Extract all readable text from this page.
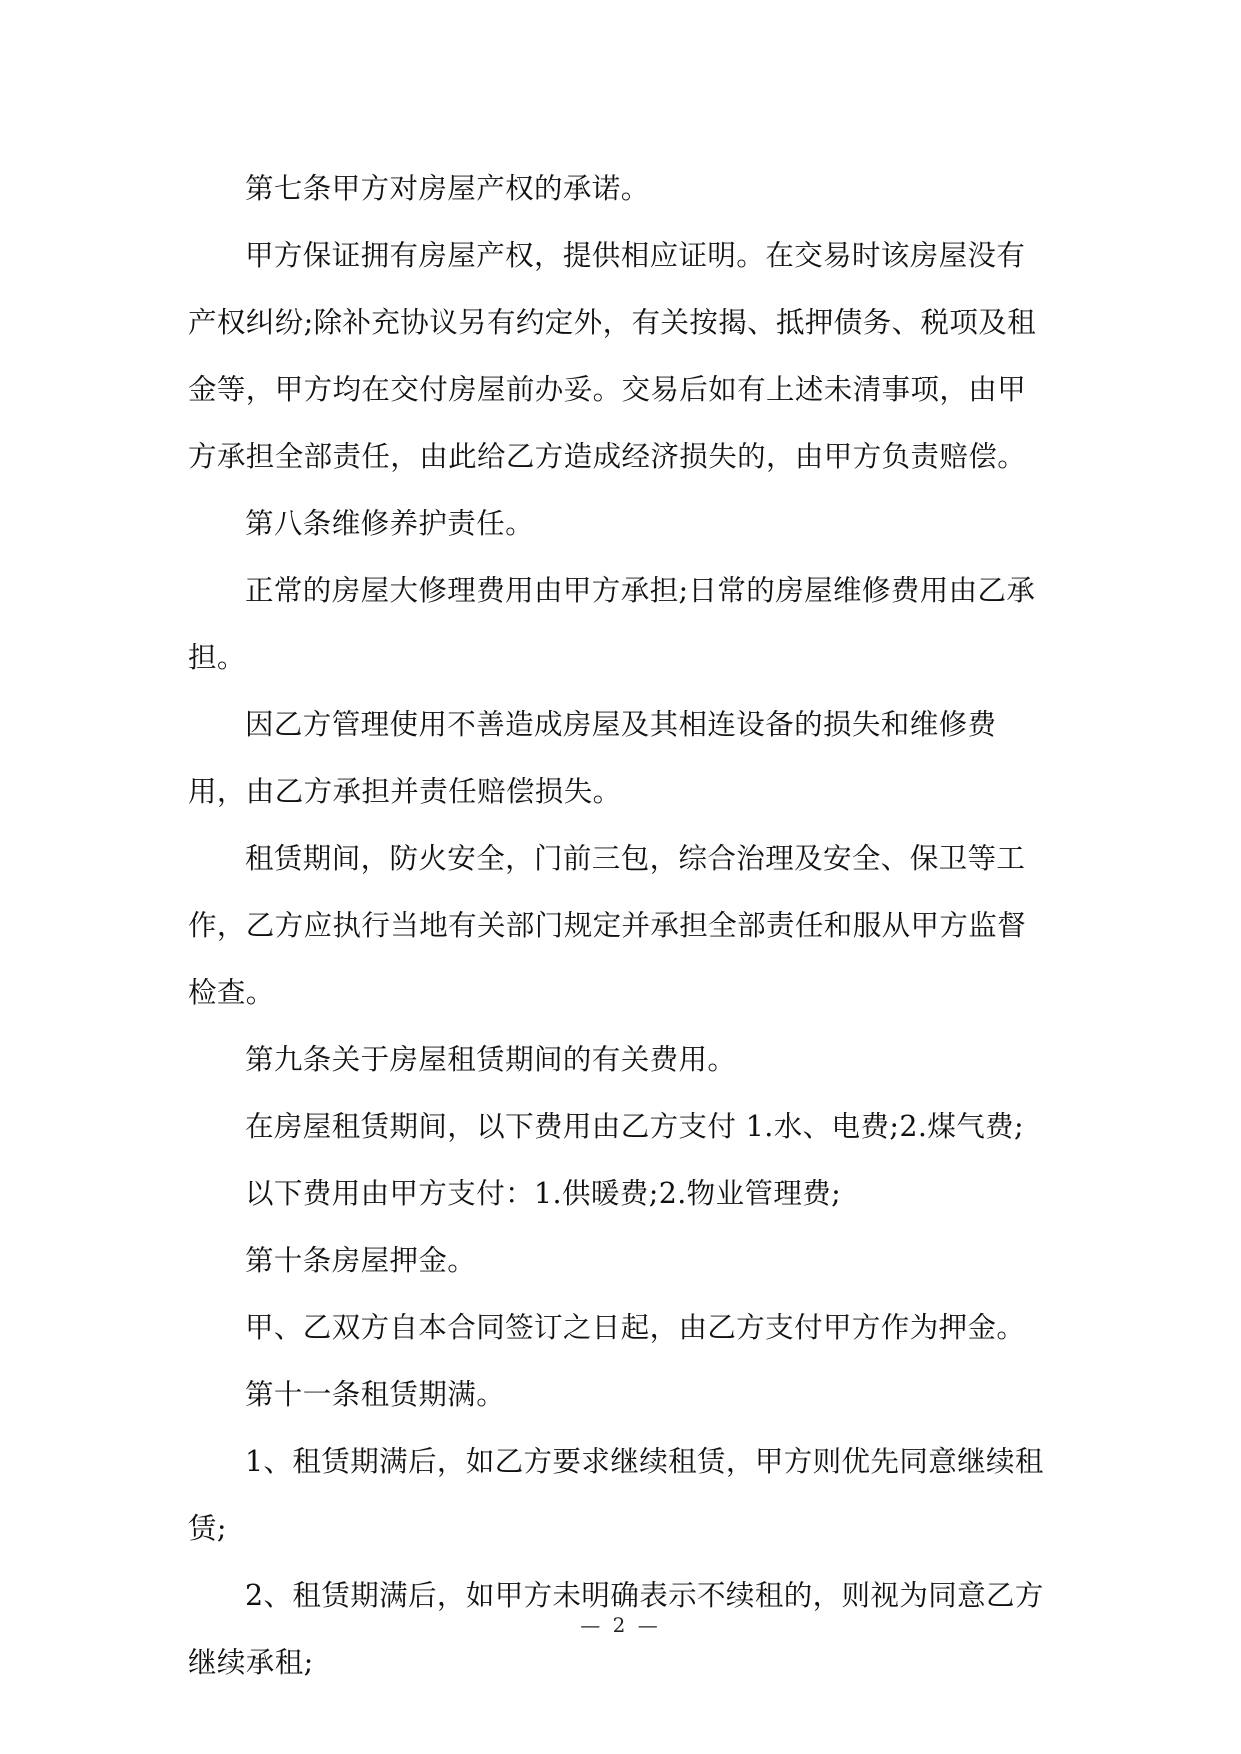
第七条甲方对房屋产权的承诺。

甲方保证拥有房屋产权，提供相应证明。在交易时该房屋没有产权纠纷;除补充协议另有约定外，有关按揭、抵押债务、税项及租金等，甲方均在交付房屋前办妥。交易后如有上述未清事项，由甲方承担全部责任，由此给乙方造成经济损失的，由甲方负责赔偿。

第八条维修养护责任。

正常的房屋大修理费用由甲方承担;日常的房屋维修费用由乙承担。

因乙方管理使用不善造成房屋及其相连设备的损失和维修费用，由乙方承担并责任赔偿损失。

租赁期间，防火安全，门前三包，综合治理及安全、保卫等工作，乙方应执行当地有关部门规定并承担全部责任和服从甲方监督检查。

第九条关于房屋租赁期间的有关费用。

在房屋租赁期间，以下费用由乙方支付 1.水、电费;2.煤气费;

以下费用由甲方支付：1.供暖费;2.物业管理费;

第十条房屋押金。

甲、乙双方自本合同签订之日起，由乙方支付甲方作为押金。

第十一条租赁期满。

1、租赁期满后，如乙方要求继续租赁，甲方则优先同意继续租赁;

2、租赁期满后，如甲方未明确表示不续租的，则视为同意乙方继续承租;

— 2 —
